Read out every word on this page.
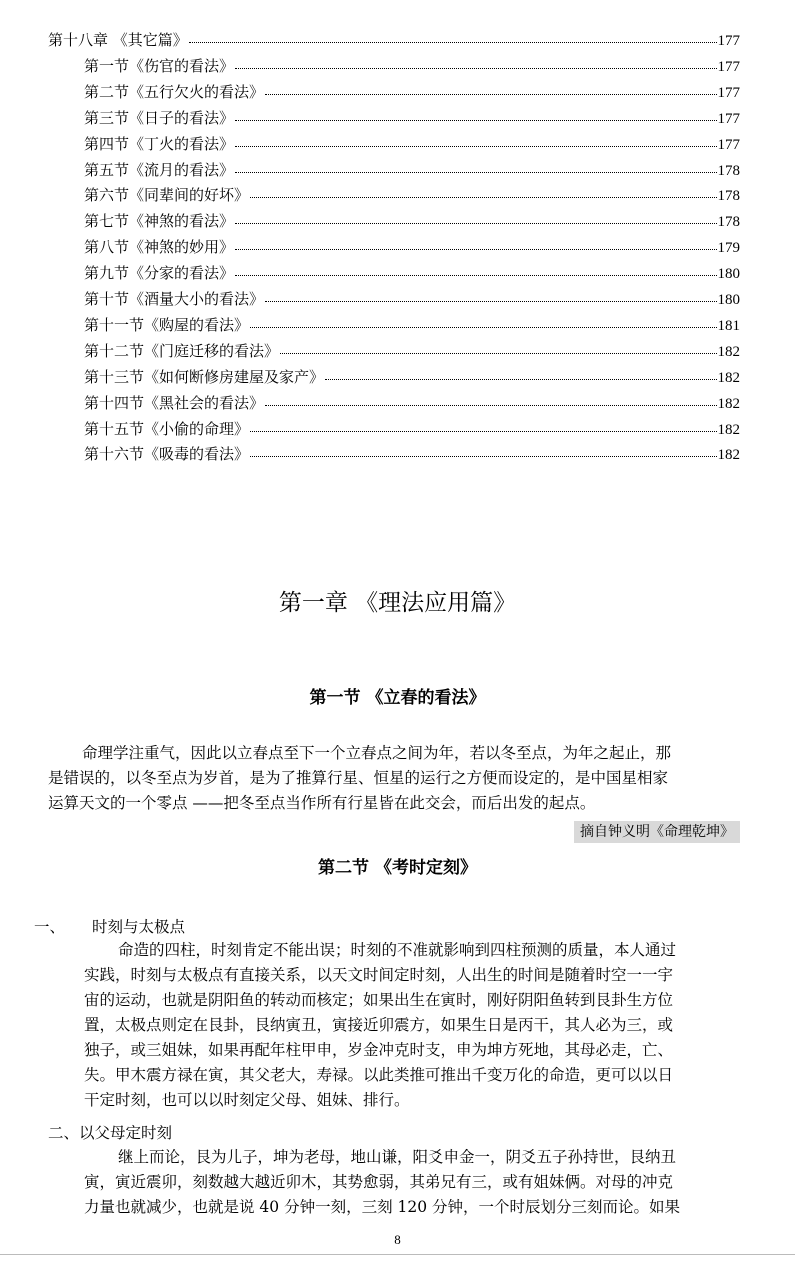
第十八章 《其它篇》	177
第一节《伤官的看法》	177
第二节《五行欠火的看法》	177
第三节《日子的看法》	177
第四节《丁火的看法》	177
第五节《流月的看法》	178
第六节《同辈间的好坏》	178
第七节《神煞的看法》	178
第八节《神煞的妙用》	179
第九节《分家的看法》	180
第十节《酒量大小的看法》	180
第十一节《购屋的看法》	181
第十二节《门庭迁移的看法》	182
第十三节《如何断修房建屋及家产》	182
第十四节《黑社会的看法》	182
第十五节《小偷的命理》	182
第十六节《吸毒的看法》	182
第一章 《理法应用篇》
第一节 《立春的看法》
命理学注重气，因此以立春点至下一个立春点之间为年，若以冬至点，为年之起止，那
是错误的，以冬至点为岁首，是为了推算行星、恒星的运行之方便而设定的，是中国星相家
运算天文的一个零点 ——把冬至点当作所有行星皆在此交会，而后出发的起点。
摘自钟义明《命理乾坤》
第二节 《考时定刻》
一、 时刻与太极点
命造的四柱，时刻肯定不能出误；时刻的不准就影响到四柱预测的质量，本人通过
实践，时刻与太极点有直接关系，以天文时间定时刻，人出生的时间是随着时空一一宇
宙的运动，也就是阴阳鱼的转动而核定；如果出生在寅时，刚好阴阳鱼转到艮卦生方位
置，太极点则定在艮卦，艮纳寅丑，寅接近卯震方，如果生日是丙干，其人必为三，或
独子，或三姐妹，如果再配年柱甲申，岁金冲克时支，申为坤方死地，其母必走，亡、
失。甲木震方禄在寅，其父老大，寿禄。以此类推可推出千变万化的命造，更可以以日
干定时刻，也可以以时刻定父母、姐妹、排行。
二、以父母定时刻
继上而论，艮为儿子，坤为老母，地山谦，阳爻申金一，阴爻五子孙持世，艮纳丑
寅，寅近震卯，刻数越大越近卯木，其势愈弱，其弟兄有三，或有姐妹俩。对母的冲克
力量也就减少，也就是说 40 分钟一刻，三刻 120 分钟，一个时辰划分三刻而论。如果
8
